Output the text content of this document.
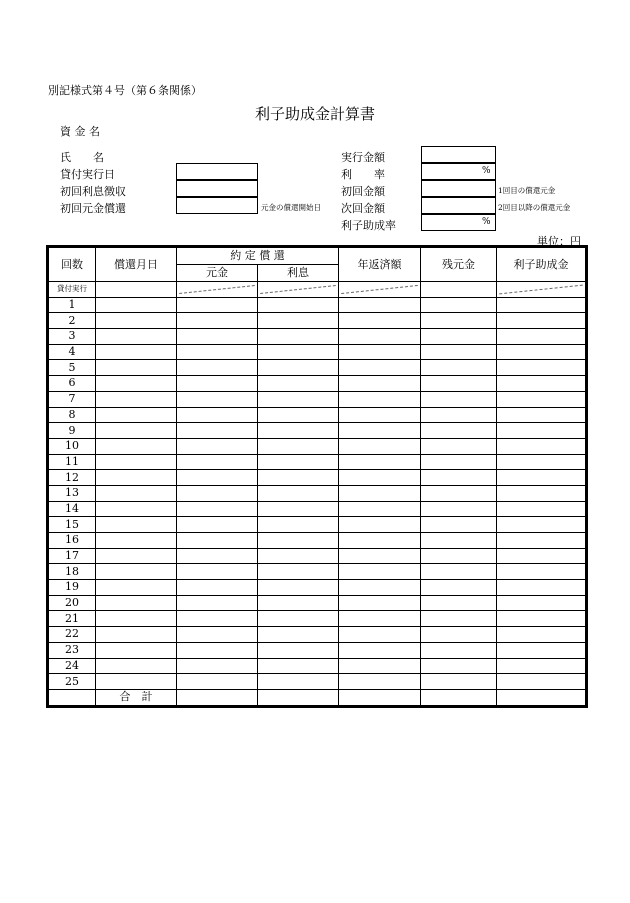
別記様式第４号（第６条関係）
利子助成金計算書
資 金 名
氏　　名
貸付実行日
初回利息徴収
初回元金償還	元金の償還開始日
実行金額
利　　率
初回金額
次回金額
利子助成率
%
%
1回目の償還元金
2回目以降の償還元金
単位：円
回数	償還月日	約 定 償 還		年返済額	残元金	利子助成金
		元金	利息			
貸付実行						
1						
2						
3						
4						
5						
6						
7						
8						
9						
10						
11						
12						
13						
14						
15						
16						
17						
18						
19						
20						
21						
22						
23						
24						
25						
	合　計					
